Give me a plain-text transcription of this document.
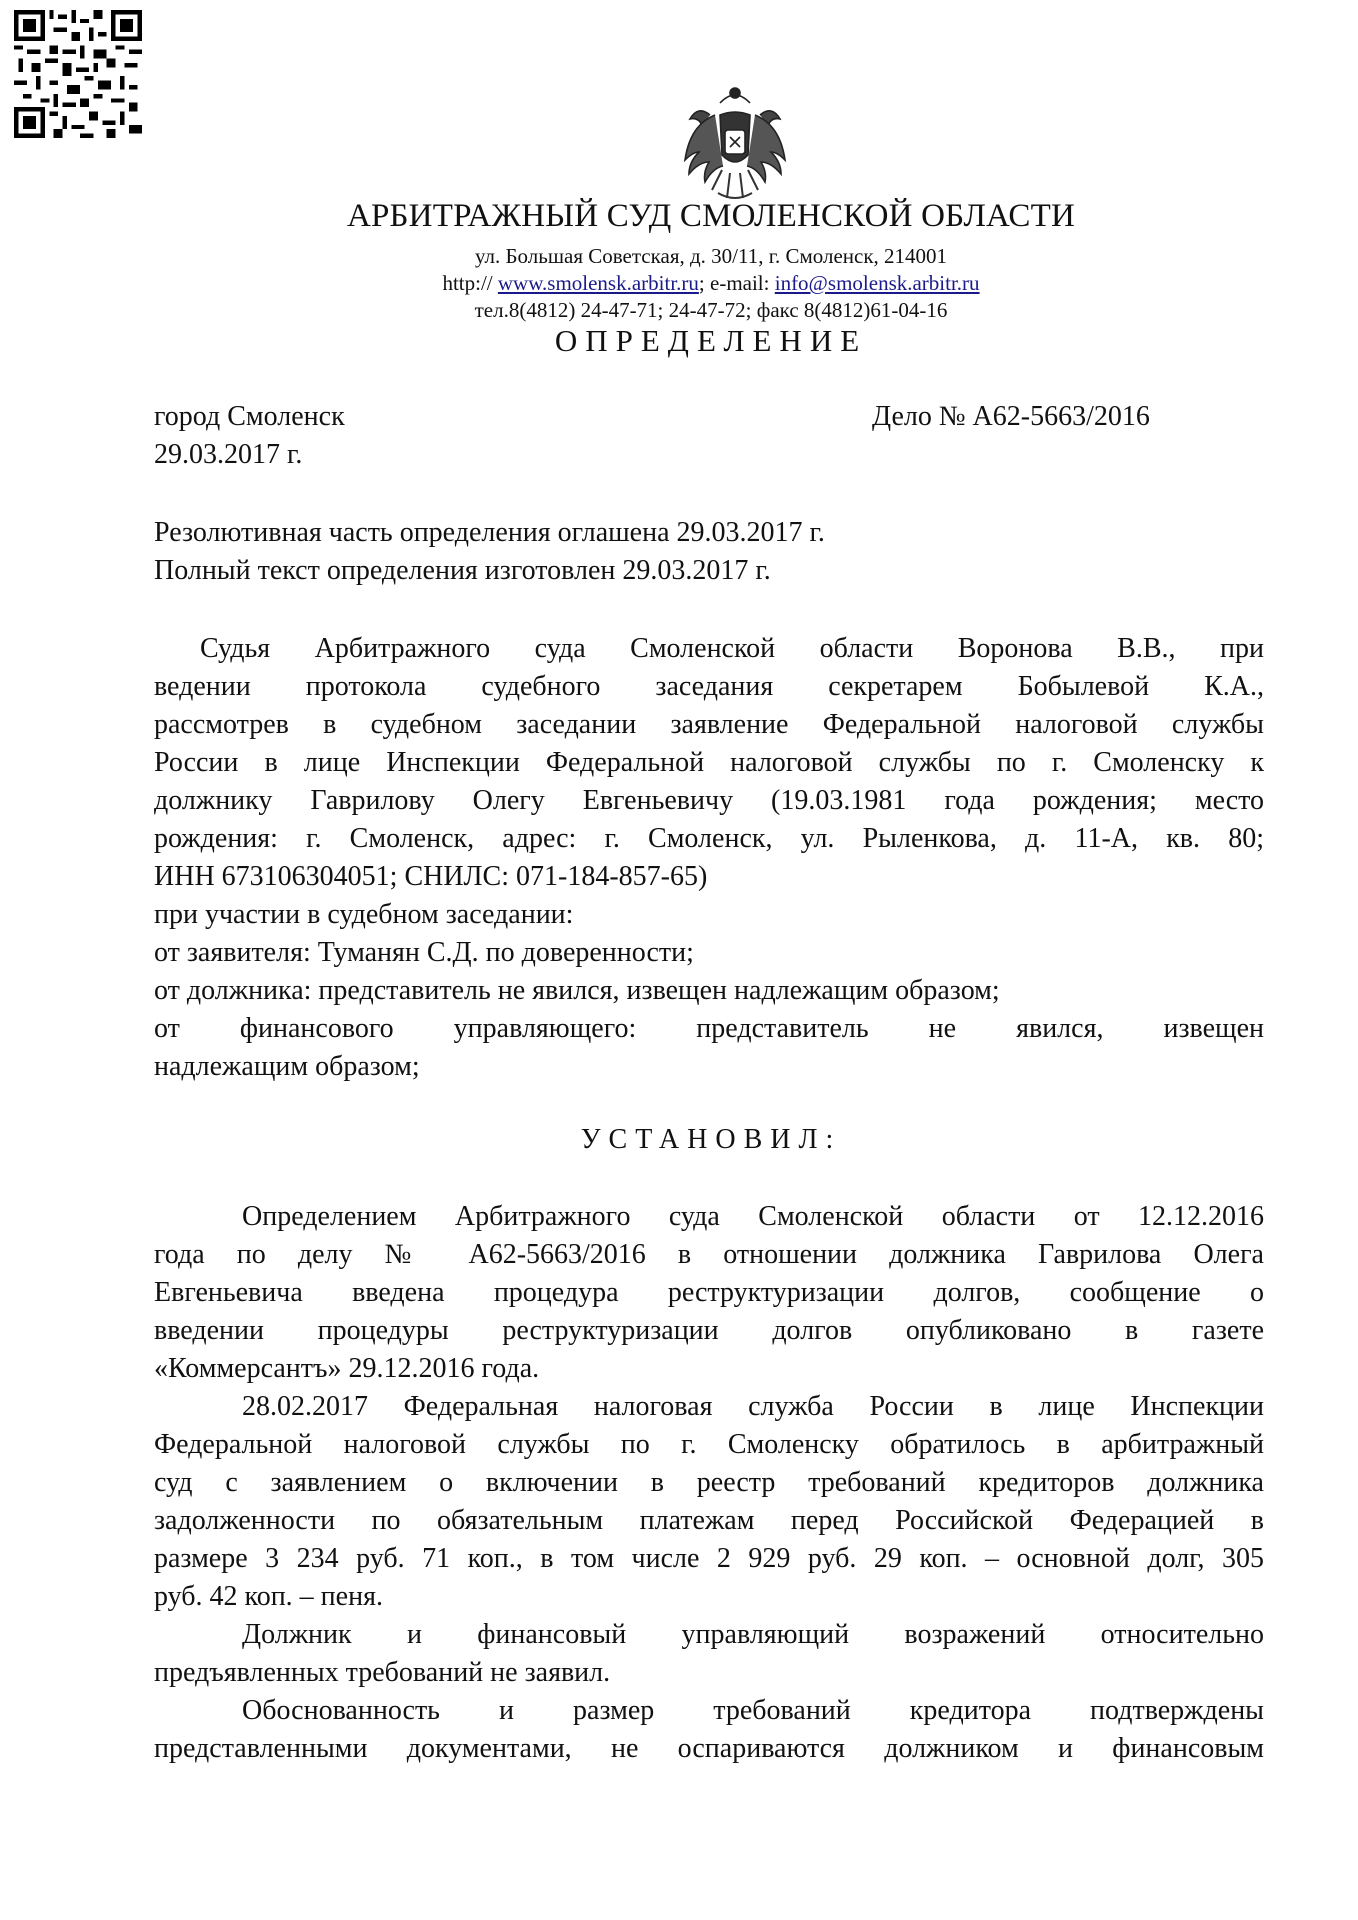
АРБИТРАЖНЫЙ СУД СМОЛЕНСКОЙ ОБЛАСТИ
ул. Большая Советская, д. 30/11, г. Смоленск, 214001
http:// www.smolensk.arbitr.ru; e-mail: info@smolensk.arbitr.ru
тел.8(4812) 24-47-71; 24-47-72; факс 8(4812)61-04-16
ОПРЕДЕЛЕНИЕ
город Смоленск	Дело № А62-5663/2016
29.03.2017 г.
Резолютивная часть определения оглашена 29.03.2017 г.
Полный текст определения изготовлен 29.03.2017 г.
Судья Арбитражного суда Смоленской области Воронова В.В., при
ведении протокола судебного заседания секретарем Бобылевой К.А.,
рассмотрев в судебном заседании заявление Федеральной налоговой службы
России в лице Инспекции Федеральной налоговой службы по г. Смоленску к
должнику Гаврилову Олегу Евгеньевичу (19.03.1981 года рождения; место
рождения: г. Смоленск, адрес: г. Смоленск, ул. Рыленкова, д. 11-А, кв. 80;
ИНН 673106304051; СНИЛС: 071-184-857-65)
при участии в судебном заседании:
от заявителя: Туманян С.Д. по доверенности;
от должника: представитель не явился, извещен надлежащим образом;
от финансового управляющего: представитель не явился, извещен
надлежащим образом;
УСТАНОВИЛ:
Определением Арбитражного суда Смоленской области от 12.12.2016
года по делу № А62-5663/2016 в отношении должника Гаврилова Олега
Евгеньевича введена процедура реструктуризации долгов, сообщение о
введении процедуры реструктуризации долгов опубликовано в газете
«Коммерсантъ» 29.12.2016 года.
28.02.2017 Федеральная налоговая служба России в лице Инспекции
Федеральной налоговой службы по г. Смоленску обратилось в арбитражный
суд с заявлением о включении в реестр требований кредиторов должника
задолженности по обязательным платежам перед Российской Федерацией в
размере 3 234 руб. 71 коп., в том числе 2 929 руб. 29 коп. – основной долг, 305
руб. 42 коп. – пеня.
Должник и финансовый управляющий возражений относительно
предъявленных требований не заявил.
Обоснованность и размер требований кредитора подтверждены
представленными документами, не оспариваются должником и финансовым
